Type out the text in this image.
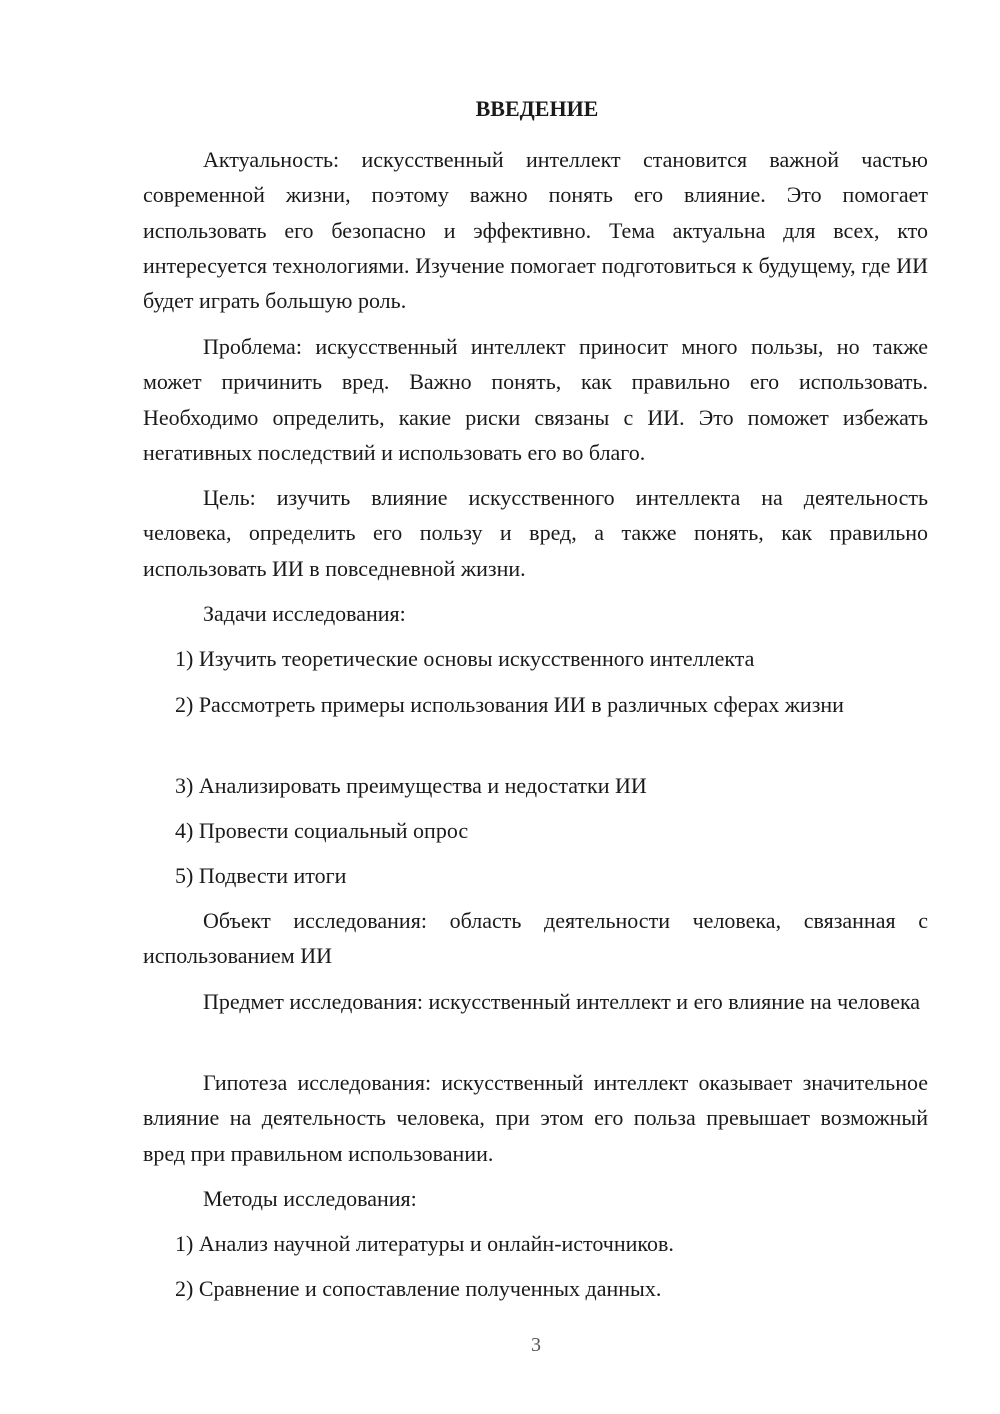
ВВЕДЕНИЕ

Актуальность: искусственный интеллект становится важной частью современной жизни, поэтому важно понять его влияние. Это помогает использовать его безопасно и эффективно. Тема актуальна для всех, кто интересуется технологиями. Изучение помогает подготовиться к будущему, где ИИ будет играть большую роль.

Проблема: искусственный интеллект приносит много пользы, но также может причинить вред. Важно понять, как правильно его использовать. Необходимо определить, какие риски связаны с ИИ. Это поможет избежать негативных последствий и использовать его во благо.

Цель: изучить влияние искусственного интеллекта на деятельность человека, определить его пользу и вред, а также понять, как правильно использовать ИИ в повседневной жизни.

Задачи исследования:

1) Изучить теоретические основы искусственного интеллекта

2) Рассмотреть примеры использования ИИ в различных сферах жизни

3) Анализировать преимущества и недостатки ИИ

4) Провести социальный опрос

5) Подвести итоги

Объект исследования: область деятельности человека, связанная с использованием ИИ

Предмет исследования: искусственный интеллект и его влияние на человека

Гипотеза исследования: искусственный интеллект оказывает значительное влияние на деятельность человека, при этом его польза превышает возможный вред при правильном использовании.

Методы исследования:

1) Анализ научной литературы и онлайн-источников.

2) Сравнение и сопоставление полученных данных.

3
